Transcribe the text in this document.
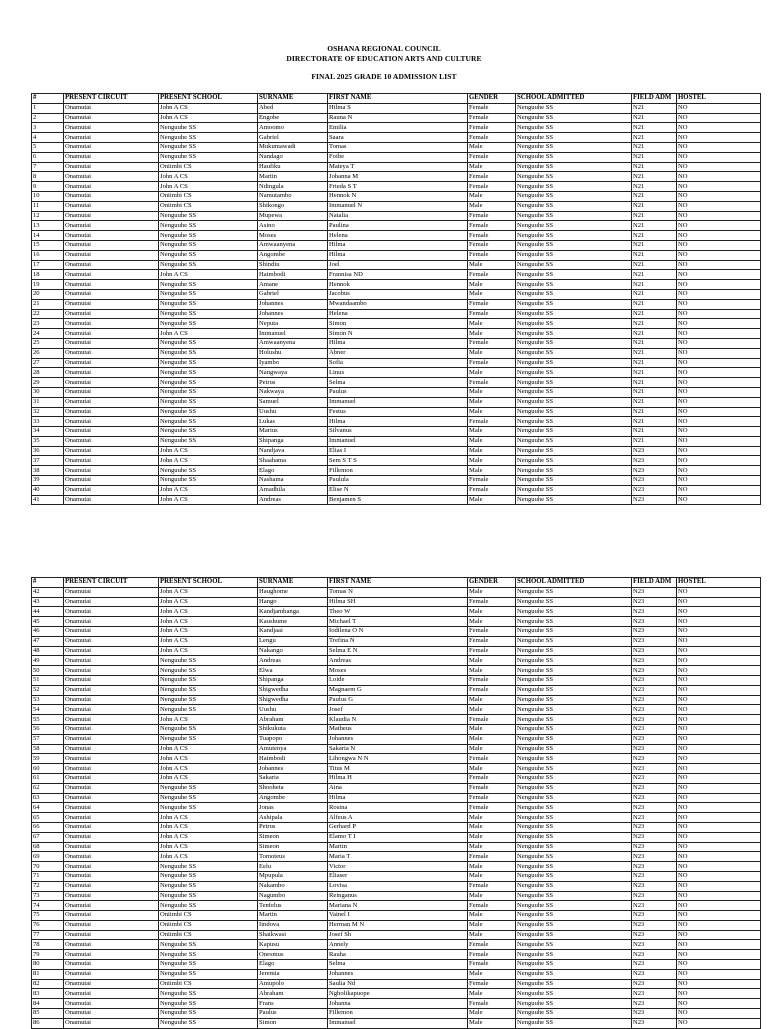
OSHANA REGIONAL COUNCIL
DIRECTORATE OF EDUCATION ARTS AND CULTURE
FINAL 2025 GRADE 10 ADMISSION LIST
#	PRESENT CIRCUIT	PRESENT SCHOOL	SURNAME	FIRST NAME	GENDER	SCHOOL ADMITTED	FIELD ADM	HOSTEL
1	Onamutai	John A CS	Abed	Hilma S	Female	Nenguuhe SS	N21	NO
2	Onamutai	John A CS	Engobe	Rauna N	Female	Nenguuhe SS	N21	NO
3	Onamutai	Nenguuhe SS	Amoomo	Emilia	Female	Nenguuhe SS	N21	NO
4	Onamutai	Nenguuhe SS	Gabriel	Saara	Female	Nenguuhe SS	N21	NO
5	Onamutai	Nenguuhe SS	Mukumawadi	Tomas	Male	Nenguuhe SS	N21	NO
6	Onamutai	Nenguuhe SS	Nandago	Foibe	Female	Nenguuhe SS	N21	NO
7	Onamutai	Oniimbi CS	Haufiku	Mateya T	Male	Nenguuhe SS	N21	NO
8	Onamutai	John A CS	Martin	Johanna M	Female	Nenguuhe SS	N21	NO
9	Onamutai	John A CS	Ndingula	Frieda S T	Female	Nenguuhe SS	N21	NO
10	Onamutai	Oniimbi CS	Namutambo	Hennok N	Male	Nenguuhe SS	N21	NO
11	Onamutai	Oniimbi CS	Shikongo	Immanuel N	Male	Nenguuhe SS	N21	NO
12	Onamutai	Nenguuhe SS	Mupewa	Natalia	Female	Nenguuhe SS	N21	NO
13	Onamutai	Nenguuhe SS	Asino	Paulina	Female	Nenguuhe SS	N21	NO
14	Onamutai	Nenguuhe SS	Moses	Helena	Female	Nenguuhe SS	N21	NO
15	Onamutai	Nenguuhe SS	Amwaanyena	Hilma	Female	Nenguuhe SS	N21	NO
16	Onamutai	Nenguuhe SS	Angombe	Hilma	Female	Nenguuhe SS	N21	NO
17	Onamutai	Nenguuhe SS	Shindiu	Joel	Male	Nenguuhe SS	N21	NO
18	Onamutai	John A CS	Haimbodi	Frannisa ND	Female	Nenguuhe SS	N21	NO
19	Onamutai	Nenguuhe SS	Amane	Hennok	Male	Nenguuhe SS	N21	NO
20	Onamutai	Nenguuhe SS	Gabriel	Jacobus	Male	Nenguuhe SS	N21	NO
21	Onamutai	Nenguuhe SS	Johannes	Mwandaambo	Female	Nenguuhe SS	N21	NO
22	Onamutai	Nenguuhe SS	Johannes	Helena	Female	Nenguuhe SS	N21	NO
23	Onamutai	Nenguuhe SS	Neputa	Simon	Male	Nenguuhe SS	N21	NO
24	Onamutai	John A CS	Immanuel	Simon N	Male	Nenguuhe SS	N21	NO
25	Onamutai	Nenguuhe SS	Amwaanyena	Hilma	Female	Nenguuhe SS	N21	NO
26	Onamutai	Nenguuhe SS	Holushu	Abner	Male	Nenguuhe SS	N21	NO
27	Onamutai	Nenguuhe SS	Iyambo	Sofia	Female	Nenguuhe SS	N21	NO
28	Onamutai	Nenguuhe SS	Nangwaya	Linus	Male	Nenguuhe SS	N21	NO
29	Onamutai	Nenguuhe SS	Petrus	Selma	Female	Nenguuhe SS	N21	NO
30	Onamutai	Nenguuhe SS	Nakwaya	Paulus	Male	Nenguuhe SS	N21	NO
31	Onamutai	Nenguuhe SS	Samuel	Immanuel	Male	Nenguuhe SS	N21	NO
32	Onamutai	Nenguuhe SS	Uushu	Festus	Male	Nenguuhe SS	N21	NO
33	Onamutai	Nenguuhe SS	Lukas	Hilma	Female	Nenguuhe SS	N21	NO
34	Onamutai	Nenguuhe SS	Marius	Silvanus	Male	Nenguuhe SS	N21	NO
35	Onamutai	Nenguuhe SS	Shipanga	Immanuel	Male	Nenguuhe SS	N21	NO
36	Onamutai	John A CS	Nandjava	Elias I	Male	Nenguuhe SS	N23	NO
37	Onamutai	John A CS	Shaahama	Sem S T S	Male	Nenguuhe SS	N23	NO
38	Onamutai	Nenguuhe SS	Elago	Fillemon	Male	Nenguuhe SS	N23	NO
39	Onamutai	Nenguuhe SS	Nashama	Paulula	Female	Nenguuhe SS	N23	NO
40	Onamutai	John A CS	Amadhila	Elise N	Female	Nenguuhe SS	N23	NO
41	Onamutai	John A CS	Andreas	Benjamen S	Male	Nenguuhe SS	N23	NO
#	PRESENT CIRCUIT	PRESENT SCHOOL	SURNAME	FIRST NAME	GENDER	SCHOOL ADMITTED	FIELD ADM	HOSTEL
42	Onamutai	John A CS	Haughome	Tomas N	Male	Nenguuhe SS	N23	NO
43	Onamutai	John A CS	Hango	Hilma SH	Female	Nenguuhe SS	N23	NO
44	Onamutai	John A CS	Kandjambanga	Theo W	Male	Nenguuhe SS	N23	NO
45	Onamutai	John A CS	Kaushume	Michael T	Male	Nenguuhe SS	N23	NO
46	Onamutai	John A CS	Kandjaai	Iodilena O N	Female	Nenguuhe SS	N23	NO
47	Onamutai	John A CS	Lengu	Trefina N	Female	Nenguuhe SS	N23	NO
48	Onamutai	John A CS	Nakango	Selma E N	Female	Nenguuhe SS	N23	NO
49	Onamutai	Nenguuhe SS	Andreas	Andreas	Male	Nenguuhe SS	N23	NO
50	Onamutai	Nenguuhe SS	Elwa	Moses	Male	Nenguuhe SS	N23	NO
51	Onamutai	Nenguuhe SS	Shipanga	Loide	Female	Nenguuhe SS	N23	NO
52	Onamutai	Nenguuhe SS	Shigwedha	Magnaem G	Female	Nenguuhe SS	N23	NO
53	Onamutai	Nenguuhe SS	Shigwedha	Paulus G	Male	Nenguuhe SS	N23	NO
54	Onamutai	Nenguuhe SS	Uushu	Josef	Male	Nenguuhe SS	N23	NO
55	Onamutai	John A CS	Abraham	Klaudia N	Female	Nenguuhe SS	N23	NO
56	Onamutai	Nenguuhe SS	Shikukuta	Matheus	Male	Nenguuhe SS	N23	NO
57	Onamutai	Nenguuhe SS	Tuapopo	Johannes	Male	Nenguuhe SS	N23	NO
58	Onamutai	John A CS	Amutenya	Sakaria N	Male	Nenguuhe SS	N23	NO
59	Onamutai	John A CS	Haimbodi	Lihongwa N N	Female	Nenguuhe SS	N23	NO
60	Onamutai	John A CS	Johannes	Titus M	Male	Nenguuhe SS	N23	NO
61	Onamutai	John A CS	Sakaria	Hilma H	Female	Nenguuhe SS	N23	NO
62	Onamutai	Nenguuhe SS	Shooheta	Aina	Female	Nenguuhe SS	N23	NO
63	Onamutai	Nenguuhe SS	Angombe	Hilma	Female	Nenguuhe SS	N23	NO
64	Onamutai	Nenguuhe SS	Jonas	Rosina	Female	Nenguuhe SS	N23	NO
65	Onamutai	John A CS	Ashipala	Alfeus A	Male	Nenguuhe SS	N23	NO
66	Onamutai	John A CS	Petrus	Gerhard P	Male	Nenguuhe SS	N23	NO
67	Onamutai	John A CS	Simeon	Elamo T I	Male	Nenguuhe SS	N23	NO
68	Onamutai	John A CS	Simeon	Martin	Male	Nenguuhe SS	N23	NO
69	Onamutai	John A CS	Tomoteus	Maria T	Female	Nenguuhe SS	N23	NO
70	Onamutai	Nenguuhe SS	Eelu	Victor	Male	Nenguuhe SS	N23	NO
71	Onamutai	Nenguuhe SS	Mpupula	Eliaser	Male	Nenguuhe SS	N23	NO
72	Onamutai	Nenguuhe SS	Nakambo	Lovisa	Female	Nenguuhe SS	N23	NO
73	Onamutai	Nenguuhe SS	Nagumbo	Reinganus	Male	Nenguuhe SS	N23	NO
74	Onamutai	Nenguuhe SS	Tenfelus	Mariana N	Female	Nenguuhe SS	N23	NO
75	Onamutai	Oniimbi CS	Martin	Vainel I	Male	Nenguuhe SS	N23	NO
76	Onamutai	Oniimbi CS	Iindova	Herman M N	Male	Nenguuhe SS	N23	NO
77	Onamutai	Oniimbi CS	Shaikwasi	Josef Sh	Male	Nenguuhe SS	N23	NO
78	Onamutai	Nenguuhe SS	Kapusu	Annely	Female	Nenguuhe SS	N23	NO
79	Onamutai	Nenguuhe SS	Onesmus	Rauha	Female	Nenguuhe SS	N23	NO
80	Onamutai	Nenguuhe SS	Elago	Selma	Female	Nenguuhe SS	N23	NO
81	Onamutai	Nenguuhe SS	Jeremia	Johannes	Male	Nenguuhe SS	N23	NO
82	Onamutai	Oniimbi CS	Amupolo	Saulia Nd	Female	Nenguuhe SS	N23	NO
83	Onamutai	Nenguuhe SS	Abraham	Ngholikapuope	Male	Nenguuhe SS	N23	NO
84	Onamutai	Nenguuhe SS	Frans	Johanna	Female	Nenguuhe SS	N23	NO
85	Onamutai	Nenguuhe SS	Paulus	Fillemon	Male	Nenguuhe SS	N23	NO
86	Onamutai	Nenguuhe SS	Simon	Immanuel	Male	Nenguuhe SS	N23	NO
